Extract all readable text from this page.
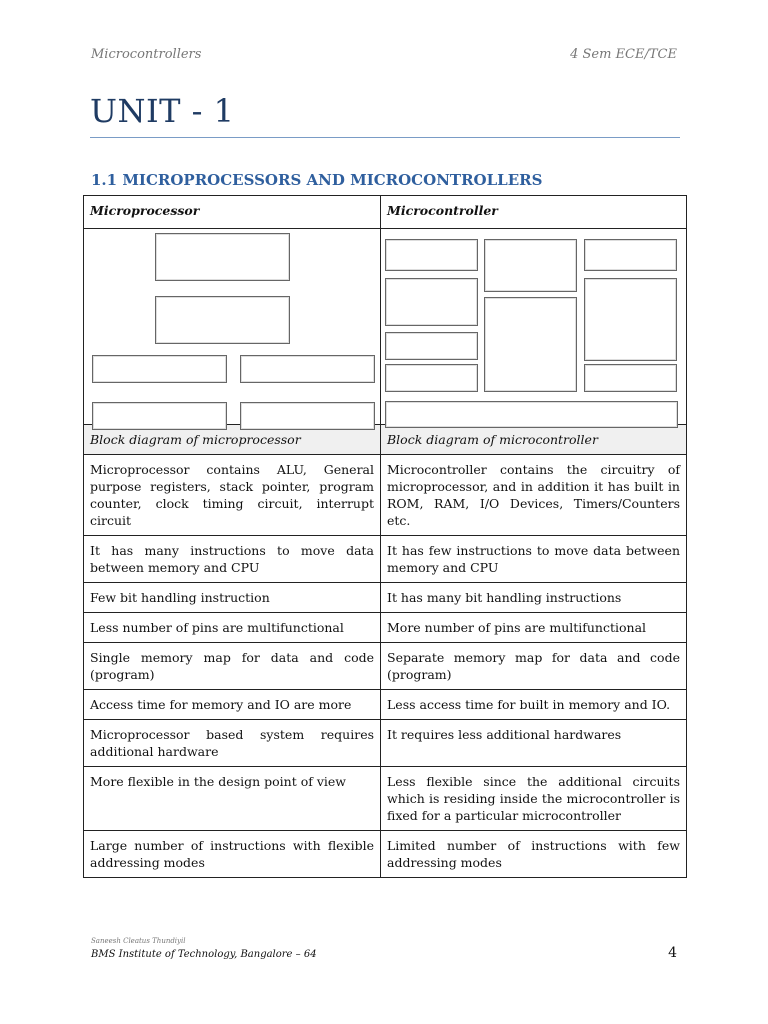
Microcontrollers	4 Sem ECE/TCE
UNIT - 1
1.1 MICROPROCESSORS AND MICROCONTROLLERS
Microprocessor	Microcontroller

Block diagram of microprocessor	Block diagram of microcontroller
Microprocessor contains ALU, General purpose registers, stack pointer, program counter, clock timing circuit, interrupt circuit	Microcontroller contains the circuitry of microprocessor, and in addition it has built in ROM, RAM, I/O Devices, Timers/Counters etc.
It has many instructions to move data between memory and CPU	It has few instructions to move data between memory and CPU
Few bit handling instruction	It has many bit handling instructions
Less number of pins are multifunctional	More number of pins are multifunctional
Single memory map for data and code (program)	Separate memory map for data and code (program)
Access time for memory and IO are more	Less access time for built in memory and IO.
Microprocessor based system requires additional hardware	It requires less additional hardwares
More flexible in the design point of view	Less flexible since the additional circuits which is residing inside the microcontroller is fixed for a particular microcontroller
Large number of instructions with flexible addressing modes	Limited number of instructions with few addressing modes
Saneesh Cleatus Thundiyil
BMS Institute of Technology, Bangalore – 64	4
